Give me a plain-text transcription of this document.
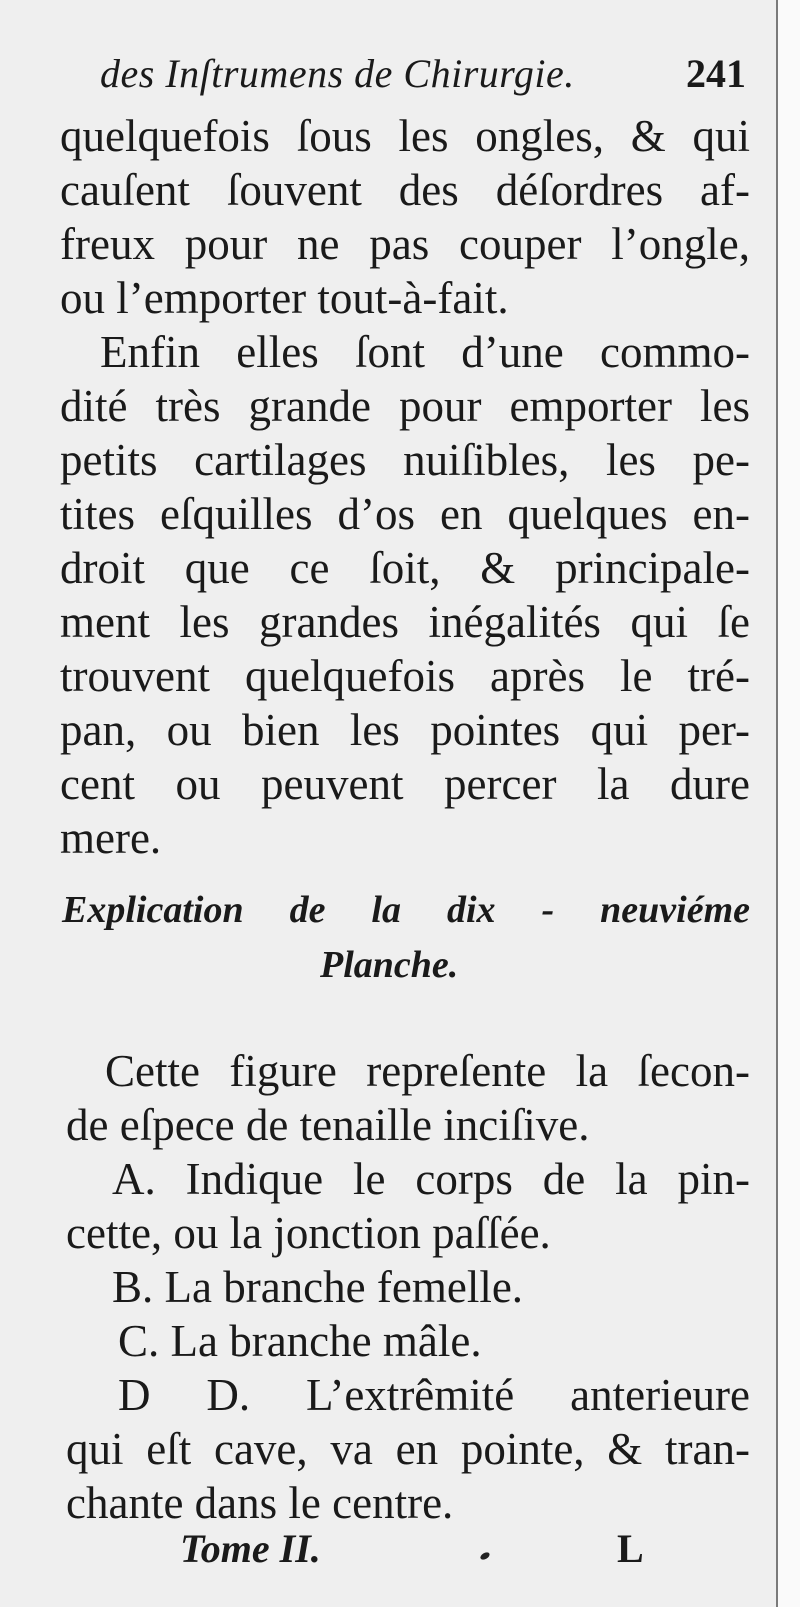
des Inſtrumens de Chirurgie.	241
quelquefois ſous les ongles, & qui
cauſent ſouvent des déſordres af-
freux pour ne pas couper l’ongle,
ou l’emporter tout-à-fait.
Enfin elles ſont d’une commo-
dité très grande pour emporter les
petits cartilages nuiſibles, les pe-
tites eſquilles d’os en quelques en-
droit que ce ſoit, & principale-
ment les grandes inégalités qui ſe
trouvent quelquefois après le tré-
pan, ou bien les pointes qui per-
cent ou peuvent percer la dure
mere.
Explication de la dix - neuviéme
Planche.
Cette figure repreſente la ſecon-
de eſpece de tenaille inciſive.
A. Indique le corps de la pin-
cette, ou la jonction paſſée.
B. La branche femelle.
C. La branche mâle.
D D. L’extrêmité anterieure
qui eſt cave, va en pointe, & tran-
chante dans le centre.
Tome II.	L
